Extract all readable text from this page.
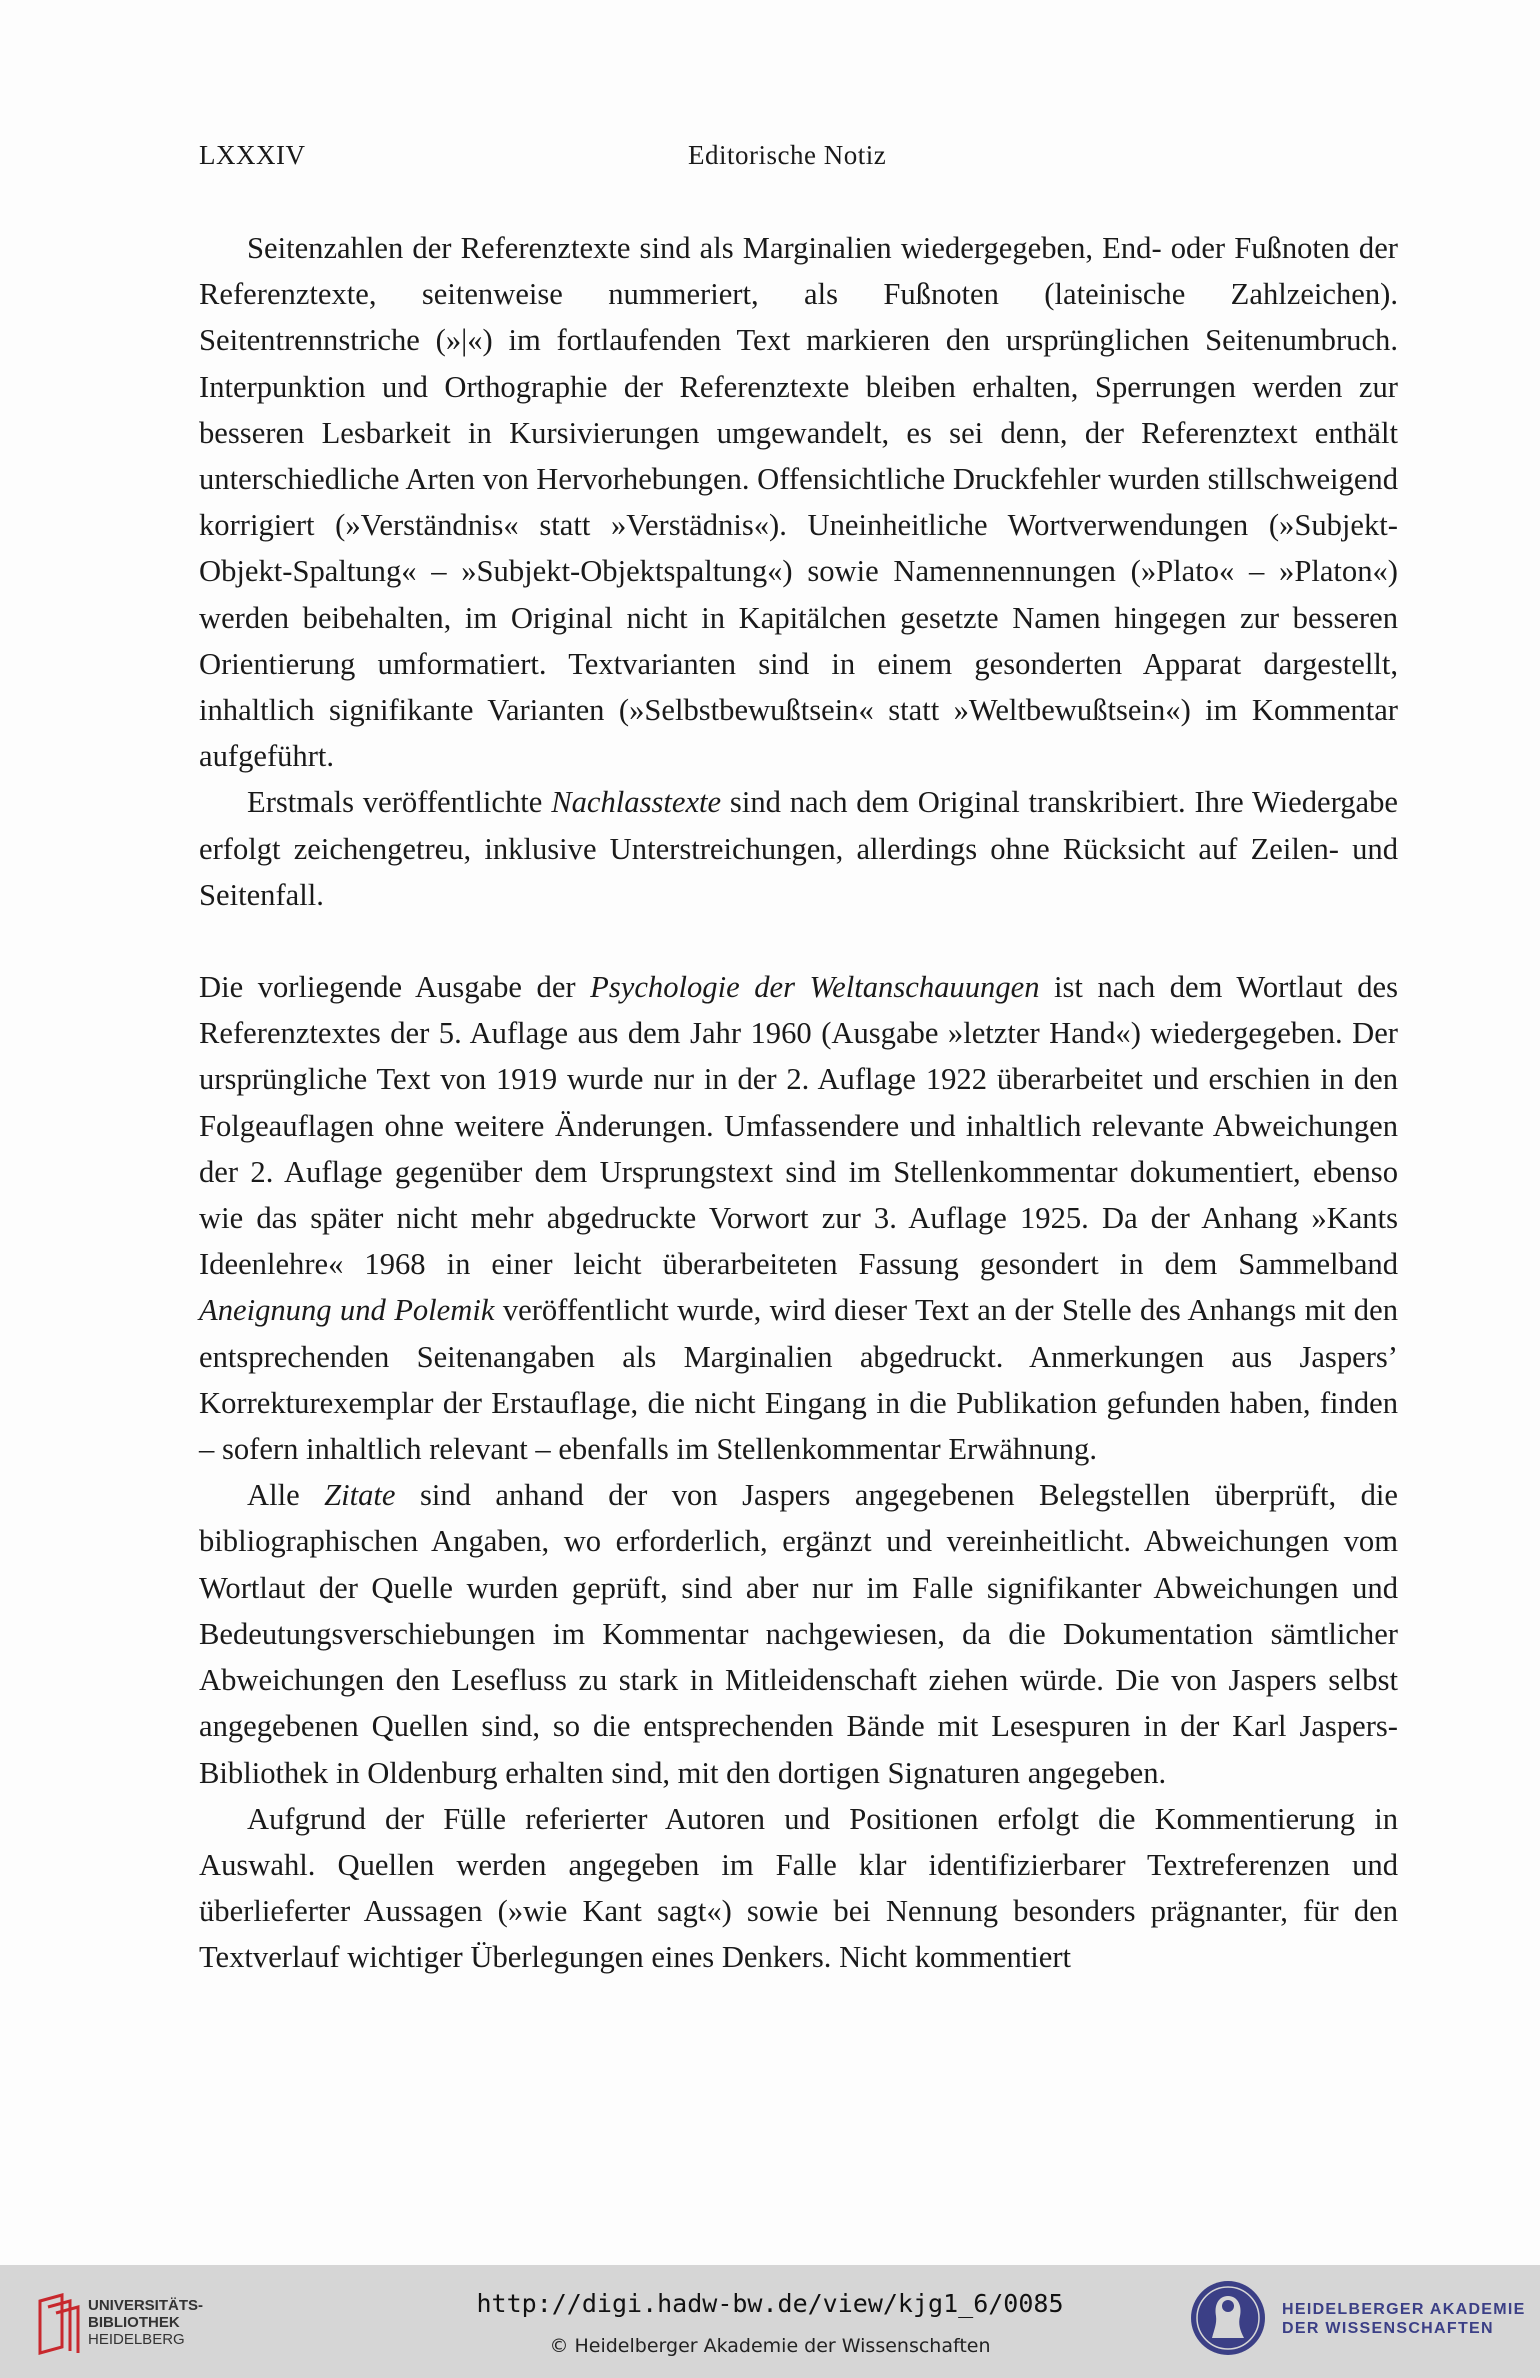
LXXXIV	Editorische Notiz

Seitenzahlen der Referenztexte sind als Marginalien wiedergegeben, End- oder Fußnoten der Referenztexte, seitenweise nummeriert, als Fußnoten (lateinische Zahlzeichen). Seitentrennstriche (»|«) im fortlaufenden Text markieren den ursprünglichen Seitenumbruch. Interpunktion und Orthographie der Referenztexte bleiben erhalten, Sperrungen werden zur besseren Lesbarkeit in Kursivierungen umgewandelt, es sei denn, der Referenztext enthält unterschiedliche Arten von Hervorhebungen. Offensichtliche Druckfehler wurden stillschweigend korrigiert (»Verständnis« statt »Verstädnis«). Uneinheitliche Wortverwendungen (»Subjekt-Objekt-Spaltung« – »Subjekt-Objektspaltung«) sowie Namennennungen (»Plato« – »Platon«) werden beibehalten, im Original nicht in Kapitälchen gesetzte Namen hingegen zur besseren Orientierung umformatiert. Textvarianten sind in einem gesonderten Apparat dargestellt, inhaltlich signifikante Varianten (»Selbstbewußtsein« statt »Weltbewußtsein«) im Kommentar aufgeführt.

Erstmals veröffentlichte Nachlasstexte sind nach dem Original transkribiert. Ihre Wiedergabe erfolgt zeichengetreu, inklusive Unterstreichungen, allerdings ohne Rücksicht auf Zeilen- und Seitenfall.

Die vorliegende Ausgabe der Psychologie der Weltanschauungen ist nach dem Wortlaut des Referenztextes der 5. Auflage aus dem Jahr 1960 (Ausgabe »letzter Hand«) wiedergegeben. Der ursprüngliche Text von 1919 wurde nur in der 2. Auflage 1922 überarbeitet und erschien in den Folgeauflagen ohne weitere Änderungen. Umfassendere und inhaltlich relevante Abweichungen der 2. Auflage gegenüber dem Ursprungstext sind im Stellenkommentar dokumentiert, ebenso wie das später nicht mehr abgedruckte Vorwort zur 3. Auflage 1925. Da der Anhang »Kants Ideenlehre« 1968 in einer leicht überarbeiteten Fassung gesondert in dem Sammelband Aneignung und Polemik veröffentlicht wurde, wird dieser Text an der Stelle des Anhangs mit den entsprechenden Seitenangaben als Marginalien abgedruckt. Anmerkungen aus Jaspers’ Korrekturexemplar der Erstauflage, die nicht Eingang in die Publikation gefunden haben, finden – sofern inhaltlich relevant – ebenfalls im Stellenkommentar Erwähnung.

Alle Zitate sind anhand der von Jaspers angegebenen Belegstellen überprüft, die bibliographischen Angaben, wo erforderlich, ergänzt und vereinheitlicht. Abweichungen vom Wortlaut der Quelle wurden geprüft, sind aber nur im Falle signifikanter Abweichungen und Bedeutungsverschiebungen im Kommentar nachgewiesen, da die Dokumentation sämtlicher Abweichungen den Lesefluss zu stark in Mitleidenschaft ziehen würde. Die von Jaspers selbst angegebenen Quellen sind, so die entsprechenden Bände mit Lesespuren in der Karl Jaspers-Bibliothek in Oldenburg erhalten sind, mit den dortigen Signaturen angegeben.

Aufgrund der Fülle referierter Autoren und Positionen erfolgt die Kommentierung in Auswahl. Quellen werden angegeben im Falle klar identifizierbarer Textreferenzen und überlieferter Aussagen (»wie Kant sagt«) sowie bei Nennung besonders prägnanter, für den Textverlauf wichtiger Überlegungen eines Denkers. Nicht kommentiert

UNIVERSITÄTS-
BIBLIOTHEK
HEIDELBERG
http://digi.hadw-bw.de/view/kjg1_6/0085
© Heidelberger Akademie der Wissenschaften
HEIDELBERGER AKADEMIE
DER WISSENSCHAFTEN
